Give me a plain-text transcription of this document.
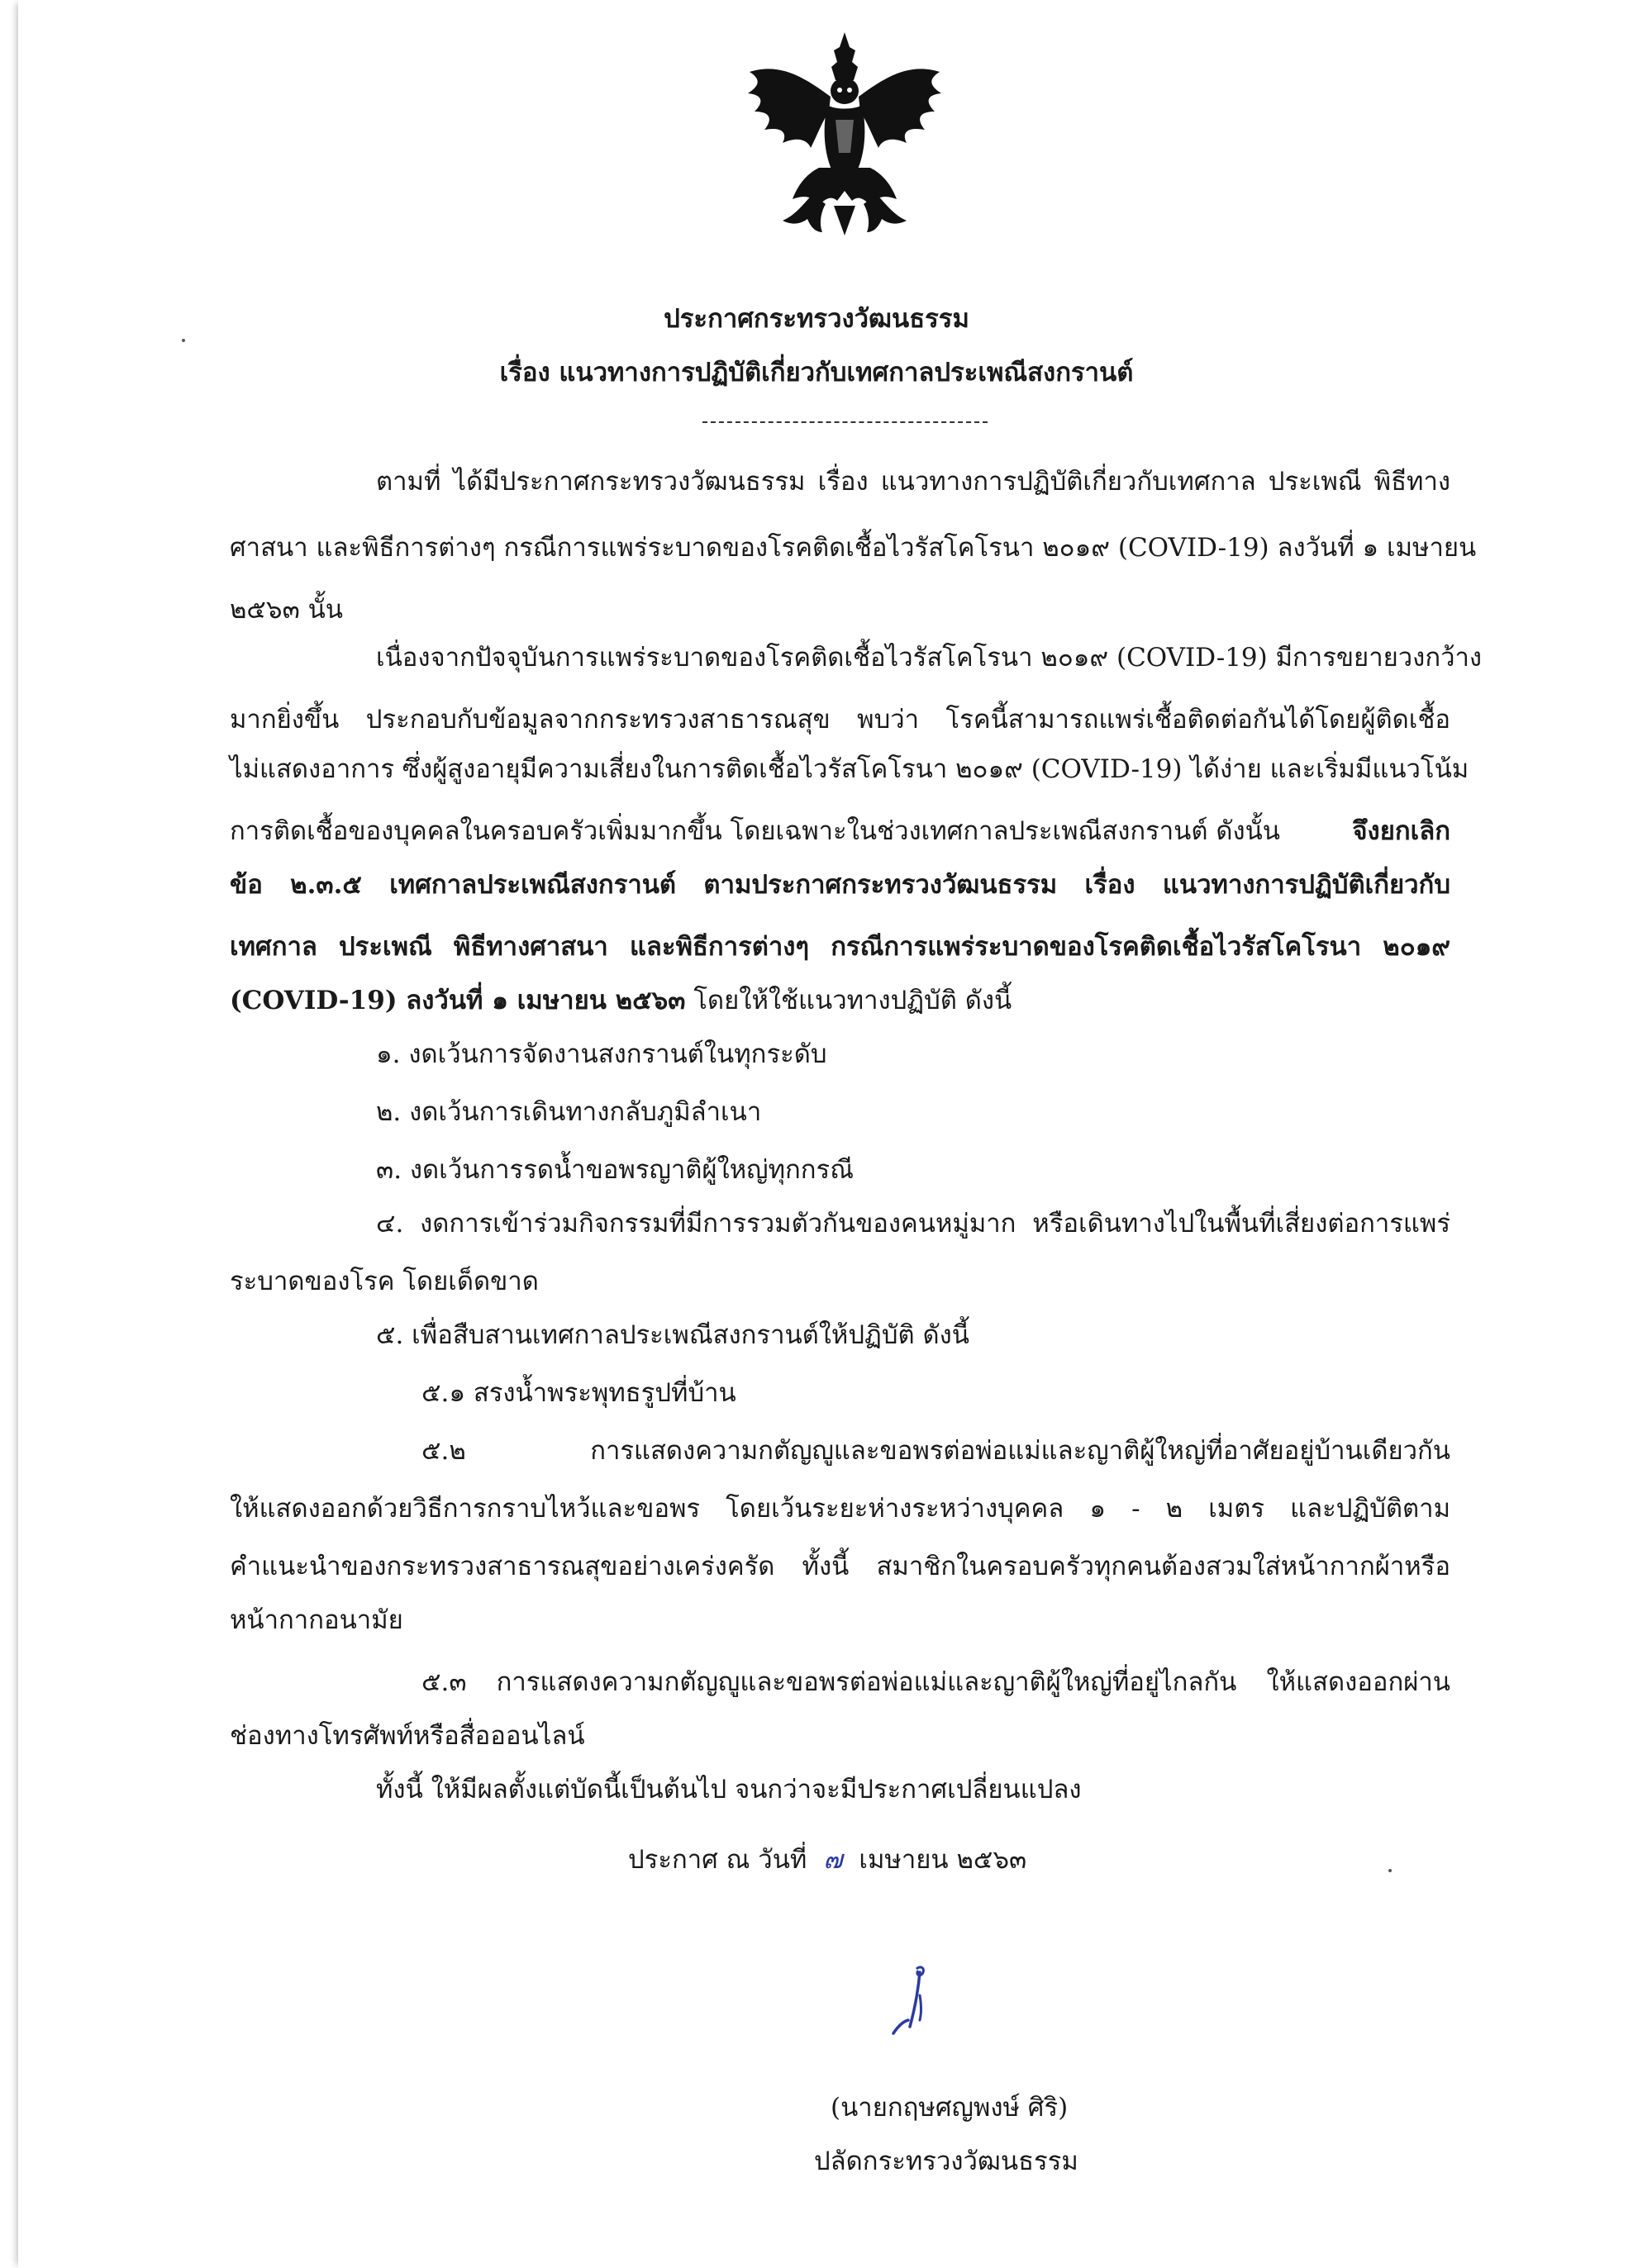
ประกาศกระทรวงวัฒนธรรม
เรื่อง แนวทางการปฏิบัติเกี่ยวกับเทศกาลประเพณีสงกรานต์
ตามที่ ได้มีประกาศกระทรวงวัฒนธรรม เรื่อง แนวทางการปฏิบัติเกี่ยวกับเทศกาล ประเพณี พิธีทาง
ศาสนา และพิธีการต่างๆ กรณีการแพร่ระบาดของโรคติดเชื้อไวรัสโคโรนา ๒๐๑๙ (COVID-19) ลงวันที่ ๑ เมษายน
๒๕๖๓ นั้น
เนื่องจากปัจจุบันการแพร่ระบาดของโรคติดเชื้อไวรัสโคโรนา ๒๐๑๙ (COVID-19) มีการขยายวงกว้าง
มากยิ่งขึ้น ประกอบกับข้อมูลจากกระทรวงสาธารณสุข พบว่า โรคนี้สามารถแพร่เชื้อติดต่อกันได้โดยผู้ติดเชื้อ
ไม่แสดงอาการ ซึ่งผู้สูงอายุมีความเสี่ยงในการติดเชื้อไวรัสโคโรนา ๒๐๑๙ (COVID-19) ได้ง่าย และเริ่มมีแนวโน้ม
การติดเชื้อของบุคคลในครอบครัวเพิ่มมากขึ้น โดยเฉพาะในช่วงเทศกาลประเพณีสงกรานต์ ดังนั้น	จึงยกเลิก
ข้อ ๒.๓.๕ เทศกาลประเพณีสงกรานต์ ตามประกาศกระทรวงวัฒนธรรม เรื่อง แนวทางการปฏิบัติเกี่ยวกับ
เทศกาล ประเพณี พิธีทางศาสนา และพิธีการต่างๆ กรณีการแพร่ระบาดของโรคติดเชื้อไวรัสโคโรนา ๒๐๑๙
(COVID-19) ลงวันที่ ๑ เมษายน ๒๕๖๓ โดยให้ใช้แนวทางปฏิบัติ ดังนี้
๑. งดเว้นการจัดงานสงกรานต์ในทุกระดับ
๒. งดเว้นการเดินทางกลับภูมิลำเนา
๓. งดเว้นการรดน้ำขอพรญาติผู้ใหญ่ทุกกรณี
๔. งดการเข้าร่วมกิจกรรมที่มีการรวมตัวกันของคนหมู่มาก หรือเดินทางไปในพื้นที่เสี่ยงต่อการแพร่
ระบาดของโรค โดยเด็ดขาด
๕. เพื่อสืบสานเทศกาลประเพณีสงกรานต์ให้ปฏิบัติ ดังนี้
๕.๑ สรงน้ำพระพุทธรูปที่บ้าน
๕.๒ การแสดงความกตัญญูและขอพรต่อพ่อแม่และญาติผู้ใหญ่ที่อาศัยอยู่บ้านเดียวกัน
ให้แสดงออกด้วยวิธีการกราบไหว้และขอพร โดยเว้นระยะห่างระหว่างบุคคล ๑ - ๒ เมตร และปฏิบัติตาม
คำแนะนำของกระทรวงสาธารณสุขอย่างเคร่งครัด ทั้งนี้ สมาชิกในครอบครัวทุกคนต้องสวมใส่หน้ากากผ้าหรือ
หน้ากากอนามัย
๕.๓ การแสดงความกตัญญูและขอพรต่อพ่อแม่และญาติผู้ใหญ่ที่อยู่ไกลกัน ให้แสดงออกผ่าน
ช่องทางโทรศัพท์หรือสื่อออนไลน์
ทั้งนี้ ให้มีผลตั้งแต่บัดนี้เป็นต้นไป จนกว่าจะมีประกาศเปลี่ยนแปลง
ประกาศ ณ วันที่ ๗ เมษายน ๒๕๖๓
(นายกฤษศญพงษ์ ศิริ)
ปลัดกระทรวงวัฒนธรรม
